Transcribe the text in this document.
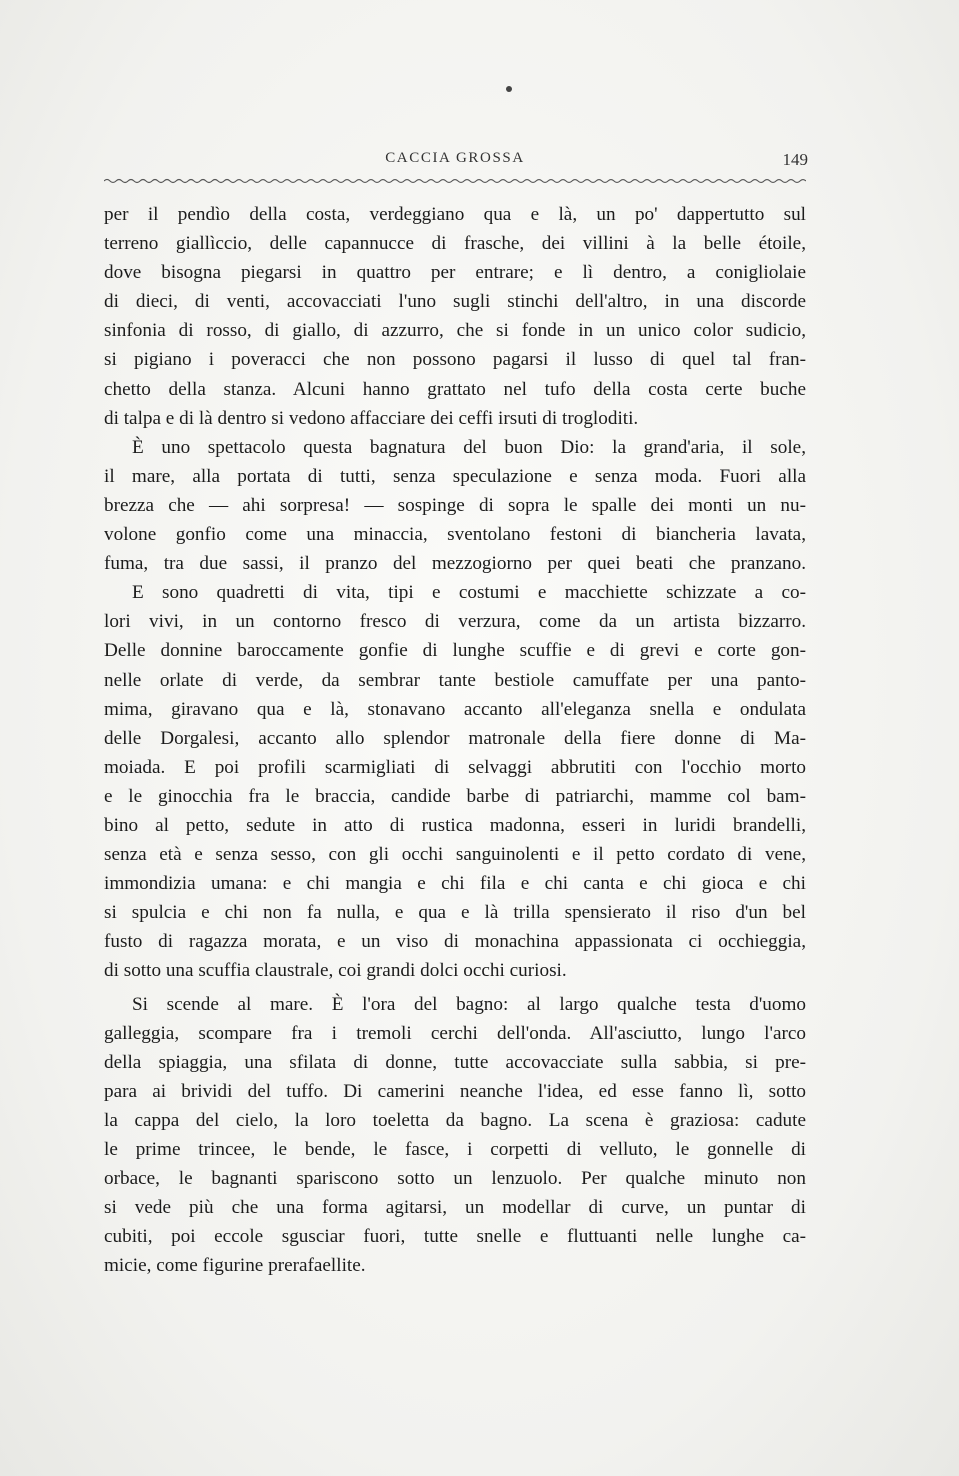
CACCIA GROSSA	149
per il pendìo della costa, verdeggiano qua e là, un po' dappertutto sul
terreno giallìccio, delle capannucce di frasche, dei villini à la belle étoile,
dove bisogna piegarsi in quattro per entrare; e lì dentro, a conigliolaie
di dieci, di venti, accovacciati l'uno sugli stinchi dell'altro, in una discorde
sinfonia di rosso, di giallo, di azzurro, che si fonde in un unico color sudicio,
si pigiano i poveracci che non possono pagarsi il lusso di quel tal fran-
chetto della stanza. Alcuni hanno grattato nel tufo della costa certe buche
di talpa e di là dentro si vedono affacciare dei ceffi irsuti di trogloditi.
È uno spettacolo questa bagnatura del buon Dio: la grand'aria, il sole,
il mare, alla portata di tutti, senza speculazione e senza moda. Fuori alla
brezza che — ahi sorpresa! — sospinge di sopra le spalle dei monti un nu-
volone gonfio come una minaccia, sventolano festoni di biancheria lavata,
fuma, tra due sassi, il pranzo del mezzogiorno per quei beati che pranzano.
E sono quadretti di vita, tipi e costumi e macchiette schizzate a co-
lori vivi, in un contorno fresco di verzura, come da un artista bizzarro.
Delle donnine baroccamente gonfie di lunghe scuffie e di grevi e corte gon-
nelle orlate di verde, da sembrar tante bestiole camuffate per una panto-
mima, giravano qua e là, stonavano accanto all'eleganza snella e ondulata
delle Dorgalesi, accanto allo splendor matronale della fiere donne di Ma-
moiada. E poi profili scarmigliati di selvaggi abbrutiti con l'occhio morto
e le ginocchia fra le braccia, candide barbe di patriarchi, mamme col bam-
bino al petto, sedute in atto di rustica madonna, esseri in luridi brandelli,
senza età e senza sesso, con gli occhi sanguinolenti e il petto cordato di vene,
immondizia umana: e chi mangia e chi fila e chi canta e chi gioca e chi
si spulcia e chi non fa nulla, e qua e là trilla spensierato il riso d'un bel
fusto di ragazza morata, e un viso di monachina appassionata ci occhieggia,
di sotto una scuffia claustrale, coi grandi dolci occhi curiosi.
Si scende al mare. È l'ora del bagno: al largo qualche testa d'uomo
galleggia, scompare fra i tremoli cerchi dell'onda. All'asciutto, lungo l'arco
della spiaggia, una sfilata di donne, tutte accovacciate sulla sabbia, si pre-
para ai brividi del tuffo. Di camerini neanche l'idea, ed esse fanno lì, sotto
la cappa del cielo, la loro toeletta da bagno. La scena è graziosa: cadute
le prime trincee, le bende, le fasce, i corpetti di velluto, le gonnelle di
orbace, le bagnanti spariscono sotto un lenzuolo. Per qualche minuto non
si vede più che una forma agitarsi, un modellar di curve, un puntar di
cubiti, poi eccole sgusciar fuori, tutte snelle e fluttuanti nelle lunghe ca-
micie, come figurine prerafaellite.
